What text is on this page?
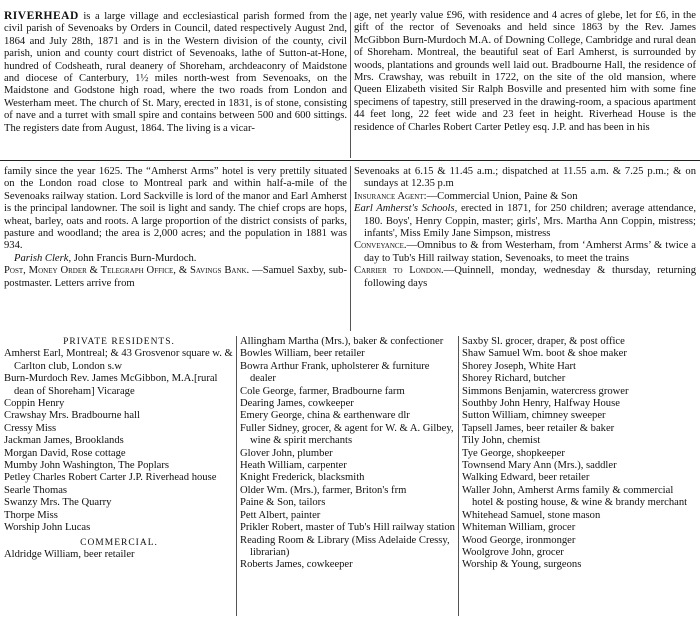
RIVERHEAD is a large village and ecclesiastical parish formed from the civil parish of Sevenoaks by Orders in Council, dated respectively August 2nd, 1864 and July 28th, 1871 and is in the Western division of the county, civil parish, union and county court district of Sevenoaks, lathe of Sutton-at-Hone, hundred of Codsheath, rural deanery of Shoreham, archdeaconry of Maidstone and diocese of Canterbury, 1½ miles north-west from Sevenoaks, on the Maidstone and Godstone high road, where the two roads from London and Westerham meet. The church of St. Mary, erected in 1831, is of stone, consisting of nave and a turret with small spire and contains between 500 and 600 sittings. The registers date from August, 1864. The living is a vicar-

age, net yearly value £96, with residence and 4 acres of glebe, let for £6, in the gift of the rector of Sevenoaks and held since 1863 by the Rev. James McGibbon Burn-Murdoch M.A. of Downing College, Cambridge and rural dean of Shoreham. Montreal, the beautiful seat of Earl Amherst, is surrounded by woods, plantations and grounds well laid out. Bradbourne Hall, the residence of Mrs. Crawshay, was rebuilt in 1722, on the site of the old mansion, where Queen Elizabeth visited Sir Ralph Bosville and presented him with some fine specimens of tapestry, still preserved in the drawing-room, a spacious apartment 44 feet long, 22 feet wide and 23 feet in height. Riverhead House is the residence of Charles Robert Carter Petley esq. J.P. and has been in his

family since the year 1625. The “Amherst Arms” hotel is very prettily situated on the London road close to Montreal park and within half-a-mile of the Sevenoaks railway station. Lord Sackville is lord of the manor and Earl Amherst is the principal landowner. The soil is light and sandy. The chief crops are hops, wheat, barley, oats and roots. A large proportion of the district consists of parks, pasture and woodland; the area is 2,000 acres; and the population in 1881 was 934.

Parish Clerk, John Francis Burn-Murdoch.

Post, Money Order & Telegraph Office, & Savings Bank. —Samuel Saxby, sub-postmaster. Letters arrive from

Sevenoaks at 6.15 & 11.45 a.m.; dispatched at 11.55 a.m. & 7.25 p.m.; & on sundays at 12.35 p.m

Insurance Agent:—Commercial Union, Paine & Son

Earl Amherst's Schools, erected in 1871, for 250 children; average attendance, 180. Boys', Henry Coppin, master; girls', Mrs. Martha Ann Coppin, mistress; infants', Miss Emily Jane Simpson, mistress

Conveyance.—Omnibus to & from Westerham, from ‘Amherst Arms’ & twice a day to Tub's Hill railway station, Sevenoaks, to meet the trains

Carrier to London.—Quinnell, monday, wednesday & thursday, returning following days

PRIVATE RESIDENTS.

Amherst Earl, Montreal; & 43 Grosvenor square w. & Carlton club, London s.w

Burn-Murdoch Rev. James McGibbon, M.A.[rural dean of Shoreham] Vicarage

Coppin Henry

Crawshay Mrs. Bradbourne hall

Cressy Miss

Jackman James, Brooklands

Morgan David, Rose cottage

Mumby John Washington, The Poplars

Petley Charles Robert Carter J.P. Riverhead house

Searle Thomas

Swanzy Mrs. The Quarry

Thorpe Miss

Worship John Lucas

COMMERCIAL.

Aldridge William, beer retailer

Allingham Martha (Mrs.), baker & confectioner

Bowles William, beer retailer

Bowra Arthur Frank, upholsterer & furniture dealer

Cole George, farmer, Bradbourne farm

Dearing James, cowkeeper

Emery George, china & earthenware dlr

Fuller Sidney, grocer, & agent for W. & A. Gilbey, wine & spirit merchants

Glover John, plumber

Heath William, carpenter

Knight Frederick, blacksmith

Older Wm. (Mrs.), farmer, Briton's frm

Paine & Son, tailors

Pett Albert, painter

Prikler Robert, master of Tub's Hill railway station

Reading Room & Library (Miss Adelaide Cressy, librarian)

Roberts James, cowkeeper

Saxby Sl. grocer, draper, & post office

Shaw Samuel Wm. boot & shoe maker

Shorey Joseph, White Hart

Shorey Richard, butcher

Simmons Benjamin, watercress grower

Southby John Henry, Halfway House

Sutton William, chimney sweeper

Tapsell James, beer retailer & baker

Tily John, chemist

Tye George, shopkeeper

Townsend Mary Ann (Mrs.), saddler

Walking Edward, beer retailer

Waller John, Amherst Arms family & commercial hotel & posting house, & wine & brandy merchant

Whitehead Samuel, stone mason

Whiteman William, grocer

Wood George, ironmonger

Woolgrove John, grocer

Worship & Young, surgeons
